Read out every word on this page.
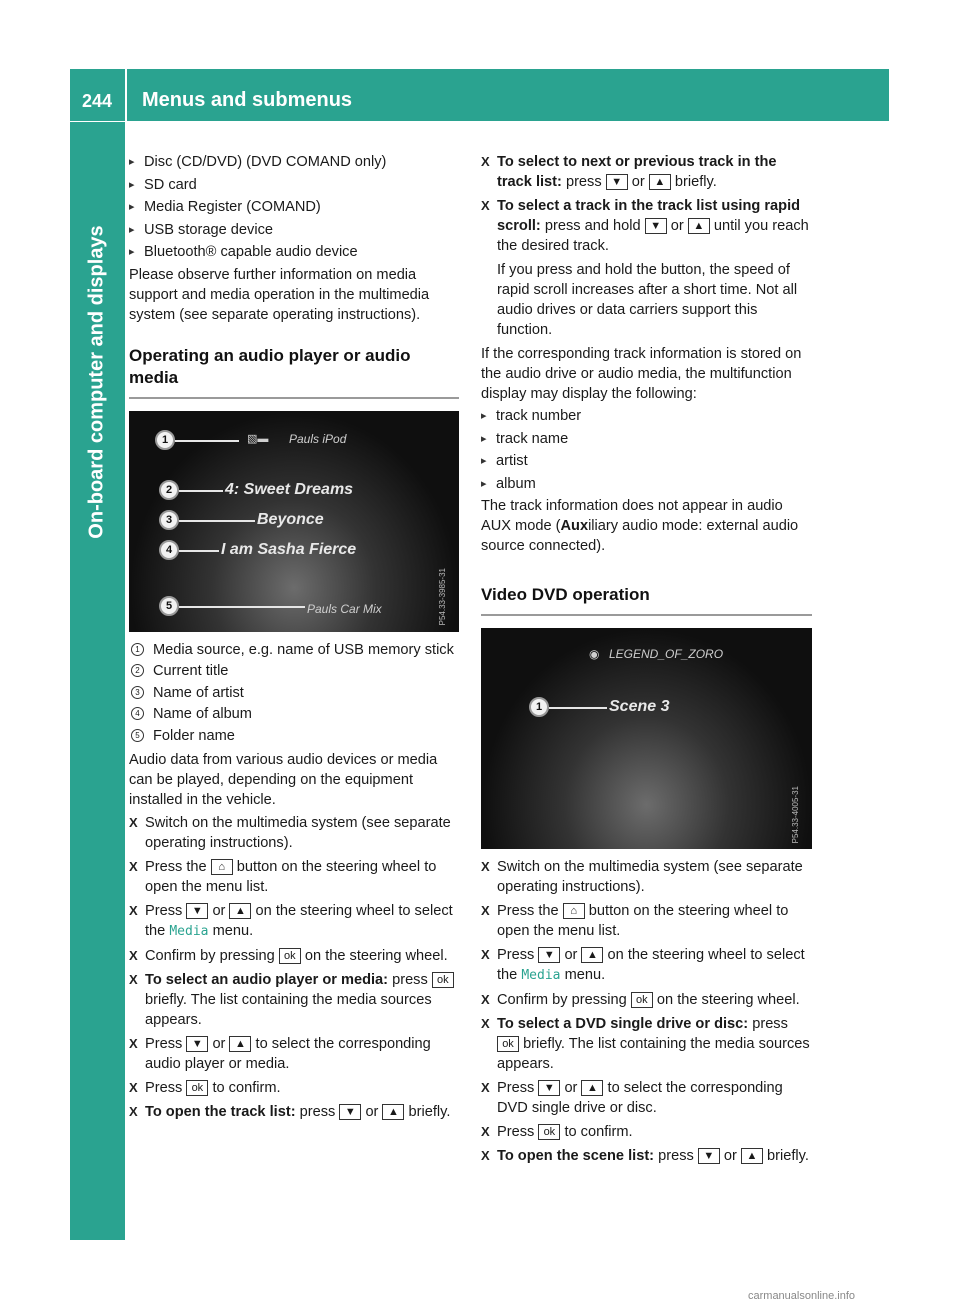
244	Menus and submenus
On-board computer and displays
▸ Disc (CD/DVD) (DVD COMAND only)
▸ SD card
▸ Media Register (COMAND)
▸ USB storage device
▸ Bluetooth® capable audio device
Please observe further information on media support and media operation in the multimedia system (see separate operating instructions).
Operating an audio player or audio media
1	▧▬ Pauls iPod
2	4: Sweet Dreams
3	Beyonce
4	I am Sasha Fierce
5	Pauls Car Mix	P54.33-3985-31
1 Media source, e.g. name of USB memory stick
2 Current title
3 Name of artist
4 Name of album
5 Folder name
Audio data from various audio devices or media can be played, depending on the equipment installed in the vehicle.
X Switch on the multimedia system (see separate operating instructions).
X Press the ⌂ button on the steering wheel to open the menu list.
X Press ▼ or ▲ on the steering wheel to select the Media menu.
X Confirm by pressing ok on the steering wheel.
X To select an audio player or media: press ok briefly. The list containing the media sources appears.
X Press ▼ or ▲ to select the corresponding audio player or media.
X Press ok to confirm.
X To open the track list: press ▼ or ▲ briefly.
X To select to next or previous track in the track list: press ▼ or ▲ briefly.
X To select a track in the track list using rapid scroll: press and hold ▼ or ▲ until you reach the desired track.
If you press and hold the button, the speed of rapid scroll increases after a short time. Not all audio drives or data carriers support this function.
If the corresponding track information is stored on the audio drive or audio media, the multifunction display may display the following:
▸ track number
▸ track name
▸ artist
▸ album
The track information does not appear in audio AUX mode (Auxiliary audio mode: external audio source connected).
Video DVD operation
◉ LEGEND_OF_ZORO
1	Scene 3
P54.33-4005-31
X Switch on the multimedia system (see separate operating instructions).
X Press the ⌂ button on the steering wheel to open the menu list.
X Press ▼ or ▲ on the steering wheel to select the Media menu.
X Confirm by pressing ok on the steering wheel.
X To select a DVD single drive or disc: press ok briefly. The list containing the media sources appears.
X Press ▼ or ▲ to select the corresponding DVD single drive or disc.
X Press ok to confirm.
X To open the scene list: press ▼ or ▲ briefly.
carmanualsonline.info
